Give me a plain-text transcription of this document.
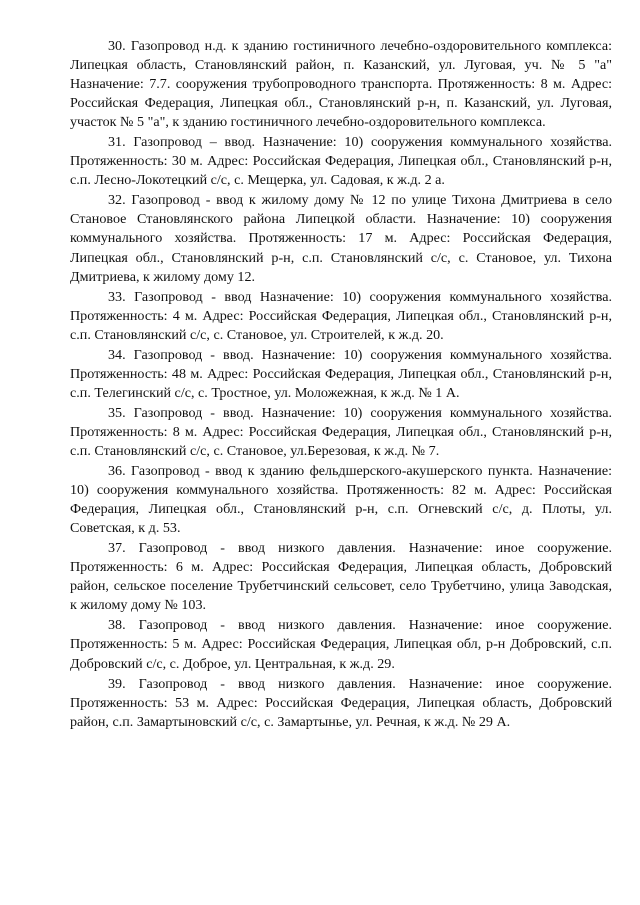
30. Газопровод н.д. к зданию гостиничного лечебно-оздоровительного комплекса: Липецкая область, Становлянский район, п. Казанский, ул. Луговая, уч. № 5 "а" Назначение: 7.7. сооружения трубопроводного транспорта. Протяженность: 8 м. Адрес: Российская Федерация, Липецкая обл., Становлянский р-н, п. Казанский, ул. Луговая, участок № 5 "а", к зданию гостиничного лечебно-оздоровительного комплекса.

31. Газопровод – ввод. Назначение: 10) сооружения коммунального хозяйства. Протяженность: 30 м. Адрес: Российская Федерация, Липецкая обл., Становлянский р-н, с.п. Лесно-Локотецкий с/с, с. Мещерка, ул. Садовая, к ж.д. 2 а.

32. Газопровод - ввод к жилому дому № 12 по улице Тихона Дмитриева в село Становое Становлянского района Липецкой области. Назначение: 10) сооружения коммунального хозяйства. Протяженность: 17 м. Адрес: Российская Федерация, Липецкая обл., Становлянский р-н, с.п. Становлянский с/с, с. Становое, ул. Тихона Дмитриева, к жилому дому 12.

33. Газопровод - ввод Назначение: 10) сооружения коммунального хозяйства. Протяженность: 4 м. Адрес: Российская Федерация, Липецкая обл., Становлянский р-н, с.п. Становлянский с/с, с. Становое, ул. Строителей, к ж.д. 20.

34. Газопровод - ввод. Назначение: 10) сооружения коммунального хозяйства. Протяженность: 48 м. Адрес: Российская Федерация, Липецкая обл., Становлянский р-н, с.п. Телегинский с/с, с. Тростное, ул. Моложежная, к ж.д. № 1 А.

35. Газопровод - ввод. Назначение: 10) сооружения коммунального хозяйства. Протяженность: 8 м. Адрес: Российская Федерация, Липецкая обл., Становлянский р-н, с.п. Становлянский с/с, с. Становое, ул.Березовая, к ж.д. № 7.

36. Газопровод - ввод к зданию фельдшерского-акушерского пункта. Назначение: 10) сооружения коммунального хозяйства. Протяженность: 82 м. Адрес: Российская Федерация, Липецкая обл., Становлянский р-н, с.п. Огневский с/с, д. Плоты, ул. Советская, к д. 53.

37. Газопровод - ввод низкого давления. Назначение: иное сооружение. Протяженность: 6 м. Адрес: Российская Федерация, Липецкая область, Добровский район, сельское поселение Трубетчинский сельсовет, село Трубетчино, улица Заводская, к жилому дому № 103.

38. Газопровод - ввод низкого давления. Назначение: иное сооружение. Протяженность: 5 м. Адрес: Российская Федерация, Липецкая обл, р-н Добровский, с.п. Добровский с/с, с. Доброе, ул. Центральная, к ж.д. 29.

39. Газопровод - ввод низкого давления. Назначение: иное сооружение. Протяженность: 53 м. Адрес: Российская Федерация, Липецкая область, Добровский район, с.п. Замартыновский с/с, с. Замартынье, ул. Речная, к ж.д. № 29 А.
